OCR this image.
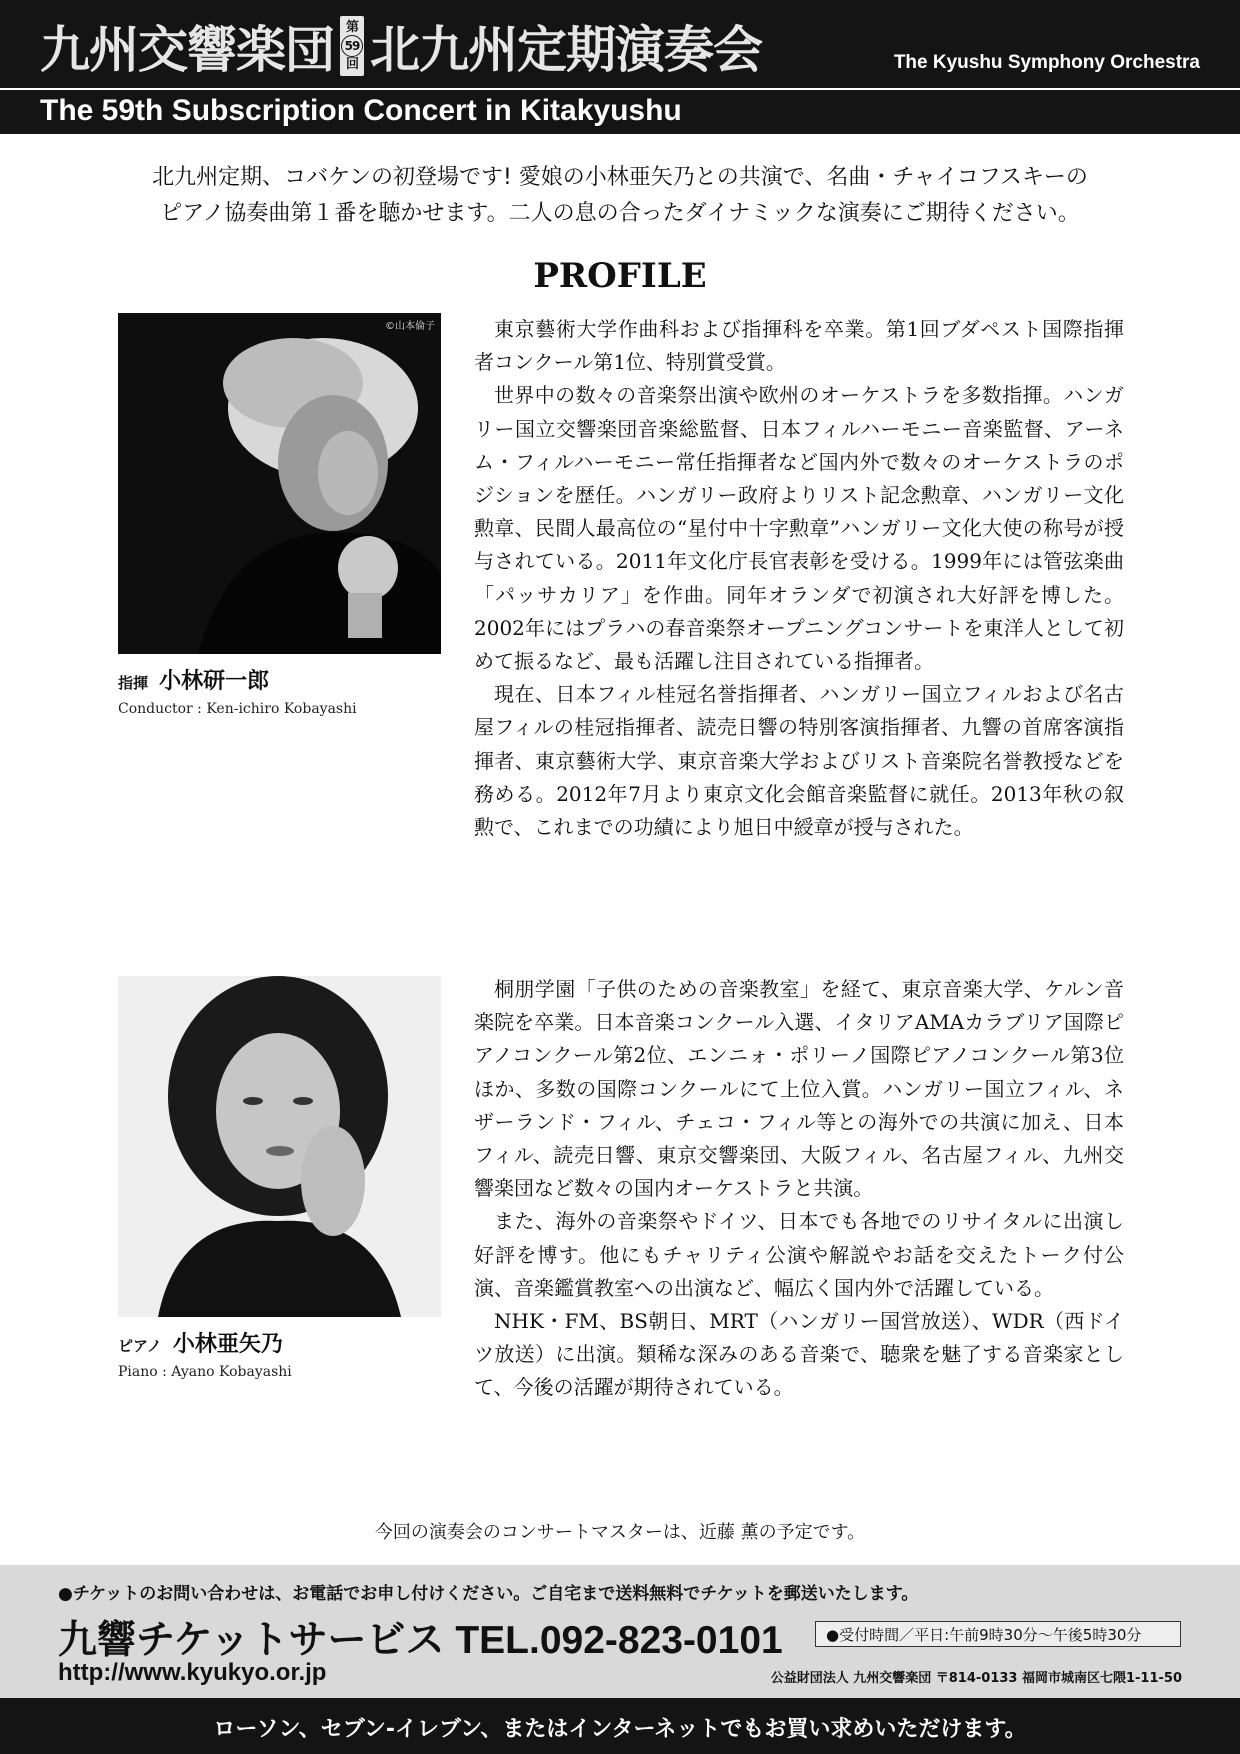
九州交響楽団 第
59
回 北九州定期演奏会	The Kyushu Symphony Orchestra
The 59th Subscription Concert in Kitakyushu
北九州定期、コバケンの初登場です! 愛娘の小林亜矢乃との共演で、名曲・チャイコフスキーの
ピアノ協奏曲第１番を聴かせます。二人の息の合ったダイナミックな演奏にご期待ください。
PROFILE
©山本倫子
指揮 小林研一郎
Conductor : Ken-ichiro Kobayashi

東京藝術大学作曲科および指揮科を卒業。第1回ブダペスト国際指揮者コンクール第1位、特別賞受賞。

世界中の数々の音楽祭出演や欧州のオーケストラを多数指揮。ハンガリー国立交響楽団音楽総監督、日本フィルハーモニー音楽監督、アーネム・フィルハーモニー常任指揮者など国内外で数々のオーケストラのポジションを歴任。ハンガリー政府よりリスト記念勲章、ハンガリー文化勲章、民間人最高位の“星付中十字勲章”ハンガリー文化大使の称号が授与されている。2011年文化庁長官表彰を受ける。1999年には管弦楽曲「パッサカリア」を作曲。同年オランダで初演され大好評を博した。2002年にはプラハの春音楽祭オープニングコンサートを東洋人として初めて振るなど、最も活躍し注目されている指揮者。

現在、日本フィル桂冠名誉指揮者、ハンガリー国立フィルおよび名古屋フィルの桂冠指揮者、読売日響の特別客演指揮者、九響の首席客演指揮者、東京藝術大学、東京音楽大学およびリスト音楽院名誉教授などを務める。2012年7月より東京文化会館音楽監督に就任。2013年秋の叙勲で、これまでの功績により旭日中綬章が授与された。

ピアノ 小林亜矢乃
Piano : Ayano Kobayashi

桐朋学園「子供のための音楽教室」を経て、東京音楽大学、ケルン音楽院を卒業。日本音楽コンクール入選、イタリアAMAカラブリア国際ピアノコンクール第2位、エンニォ・ポリーノ国際ピアノコンクール第3位ほか、多数の国際コンクールにて上位入賞。ハンガリー国立フィル、ネザーランド・フィル、チェコ・フィル等との海外での共演に加え、日本フィル、読売日響、東京交響楽団、大阪フィル、名古屋フィル、九州交響楽団など数々の国内オーケストラと共演。

また、海外の音楽祭やドイツ、日本でも各地でのリサイタルに出演し好評を博す。他にもチャリティ公演や解説やお話を交えたトーク付公演、音楽鑑賞教室への出演など、幅広く国内外で活躍している。

NHK・FM、BS朝日、MRT（ハンガリー国営放送）、WDR（西ドイツ放送）に出演。類稀な深みのある音楽で、聴衆を魅了する音楽家として、今後の活躍が期待されている。

今回の演奏会のコンサートマスターは、近藤 薫の予定です。
●チケットのお問い合わせは、お電話でお申し付けください。ご自宅まで送料無料でチケットを郵送いたします。
九響チケットサービス TEL.092-823-0101	●受付時間／平日:午前9時30分〜午後5時30分
http://www.kyukyo.or.jp	公益財団法人 九州交響楽団 〒814-0133 福岡市城南区七隈1-11-50
ローソン、セブン-イレブン、またはインターネットでもお買い求めいただけます。
